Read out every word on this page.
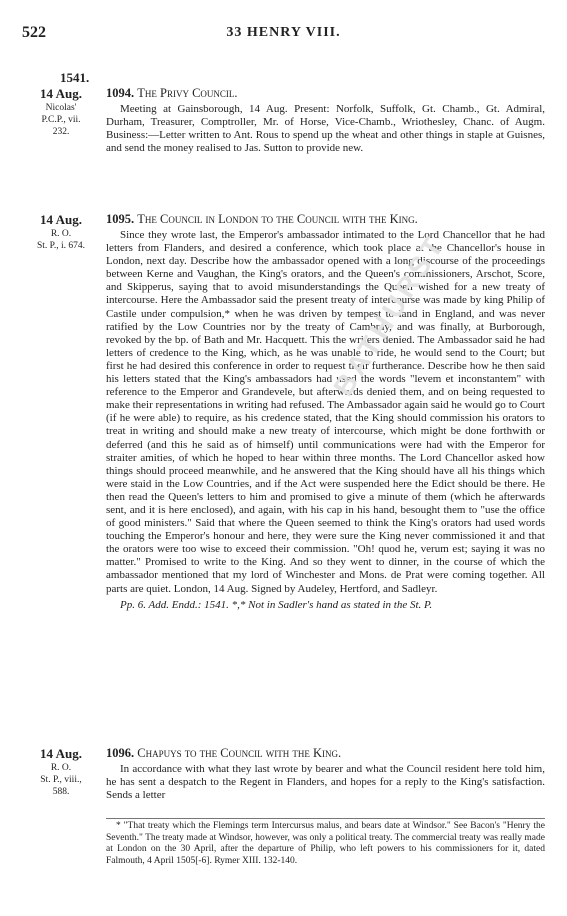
522	33 HENRY VIII.
1541.
14 Aug.
Nicolas'
P.C.P., vii.
232.
1094. The Privy Council.

Meeting at Gainsborough, 14 Aug. Present: Norfolk, Suffolk, Gt. Chamb., Gt. Admiral, Durham, Treasurer, Comptroller, Mr. of Horse, Vice-Chamb., Wriothesley, Chanc. of Augm. Business:—Letter written to Ant. Rous to spend up the wheat and other things in staple at Guisnes, and send the money realised to Jas. Sutton to provide new.

14 Aug.
R. O.
St. P., i. 674.
1095. The Council in London to the Council with the King.

Since they wrote last, the Emperor's ambassador intimated to the Lord Chancellor that he had letters from Flanders, and desired a conference, which took place at the Chancellor's house in London, next day. Describe how the ambassador opened with a long discourse of the proceedings between Kerne and Vaughan, the King's orators, and the Queen's commissioners, Arschot, Score, and Skipperus, saying that to avoid misunderstandings the Queen wished for a new treaty of intercourse. Here the Ambassador said the present treaty of intercourse was made by king Philip of Castile under compulsion,* when he was driven by tempest to land in England, and was never ratified by the Low Countries nor by the treaty of Cambray, and was finally, at Burborough, revoked by the bp. of Bath and Mr. Hacquett. This the writers denied. The Ambassador said he had letters of credence to the King, which, as he was unable to ride, he would send to the Court; but first he had desired this conference in order to request their furtherance. Describe how he then said his letters stated that the King's ambassadors had used the words "levem et inconstantem" with reference to the Emperor and Grandevele, but afterwards denied them, and on being requested to make their representations in writing had refused. The Ambassador again said he would go to Court (if he were able) to require, as his credence stated, that the King should commission his orators to treat in writing and should make a new treaty of intercourse, which might be done forthwith or deferred (and this he said as of himself) until communications were had with the Emperor for straiter amities, of which he hoped to hear within three months. The Lord Chancellor asked how things should proceed meanwhile, and he answered that the King should have all his things which were staid in the Low Countries, and if the Act were suspended here the Edict should be there. He then read the Queen's letters to him and promised to give a minute of them (which he afterwards sent, and it is here enclosed), and again, with his cap in his hand, besought them to "use the office of good ministers." Said that where the Queen seemed to think the King's orators had used words touching the Emperor's honour and here, they were sure the King never commissioned it and that the orators were too wise to exceed their commission. "Oh! quod he, verum est; saying it was no matter." Promised to write to the King. And so they went to dinner, in the course of which the ambassador mentioned that my lord of Winchester and Mons. de Prat were coming together. All parts are quiet. London, 14 Aug. Signed by Audeley, Hertford, and Sadleyr.

Pp. 6. Add. Endd.: 1541. *,* Not in Sadler's hand as stated in the St. P.
14 Aug.
R. O.
St. P., viii.,
588.
1096. Chapuys to the Council with the King.

In accordance with what they last wrote by bearer and what the Council resident here told him, he has sent a despatch to the Regent in Flanders, and hopes for a reply to the King's satisfaction. Sends a letter

* "That treaty which the Flemings term Intercursus malus, and bears date at Windsor." See Bacon's "Henry the Seventh." The treaty made at Windsor, however, was only a political treaty. The commercial treaty was really made at London on the 30 April, after the departure of Philip, who left powers to his commissioners for it, dated Falmouth, 4 April 1505[-6]. Rymer XIII. 132-140.

BATHURST
